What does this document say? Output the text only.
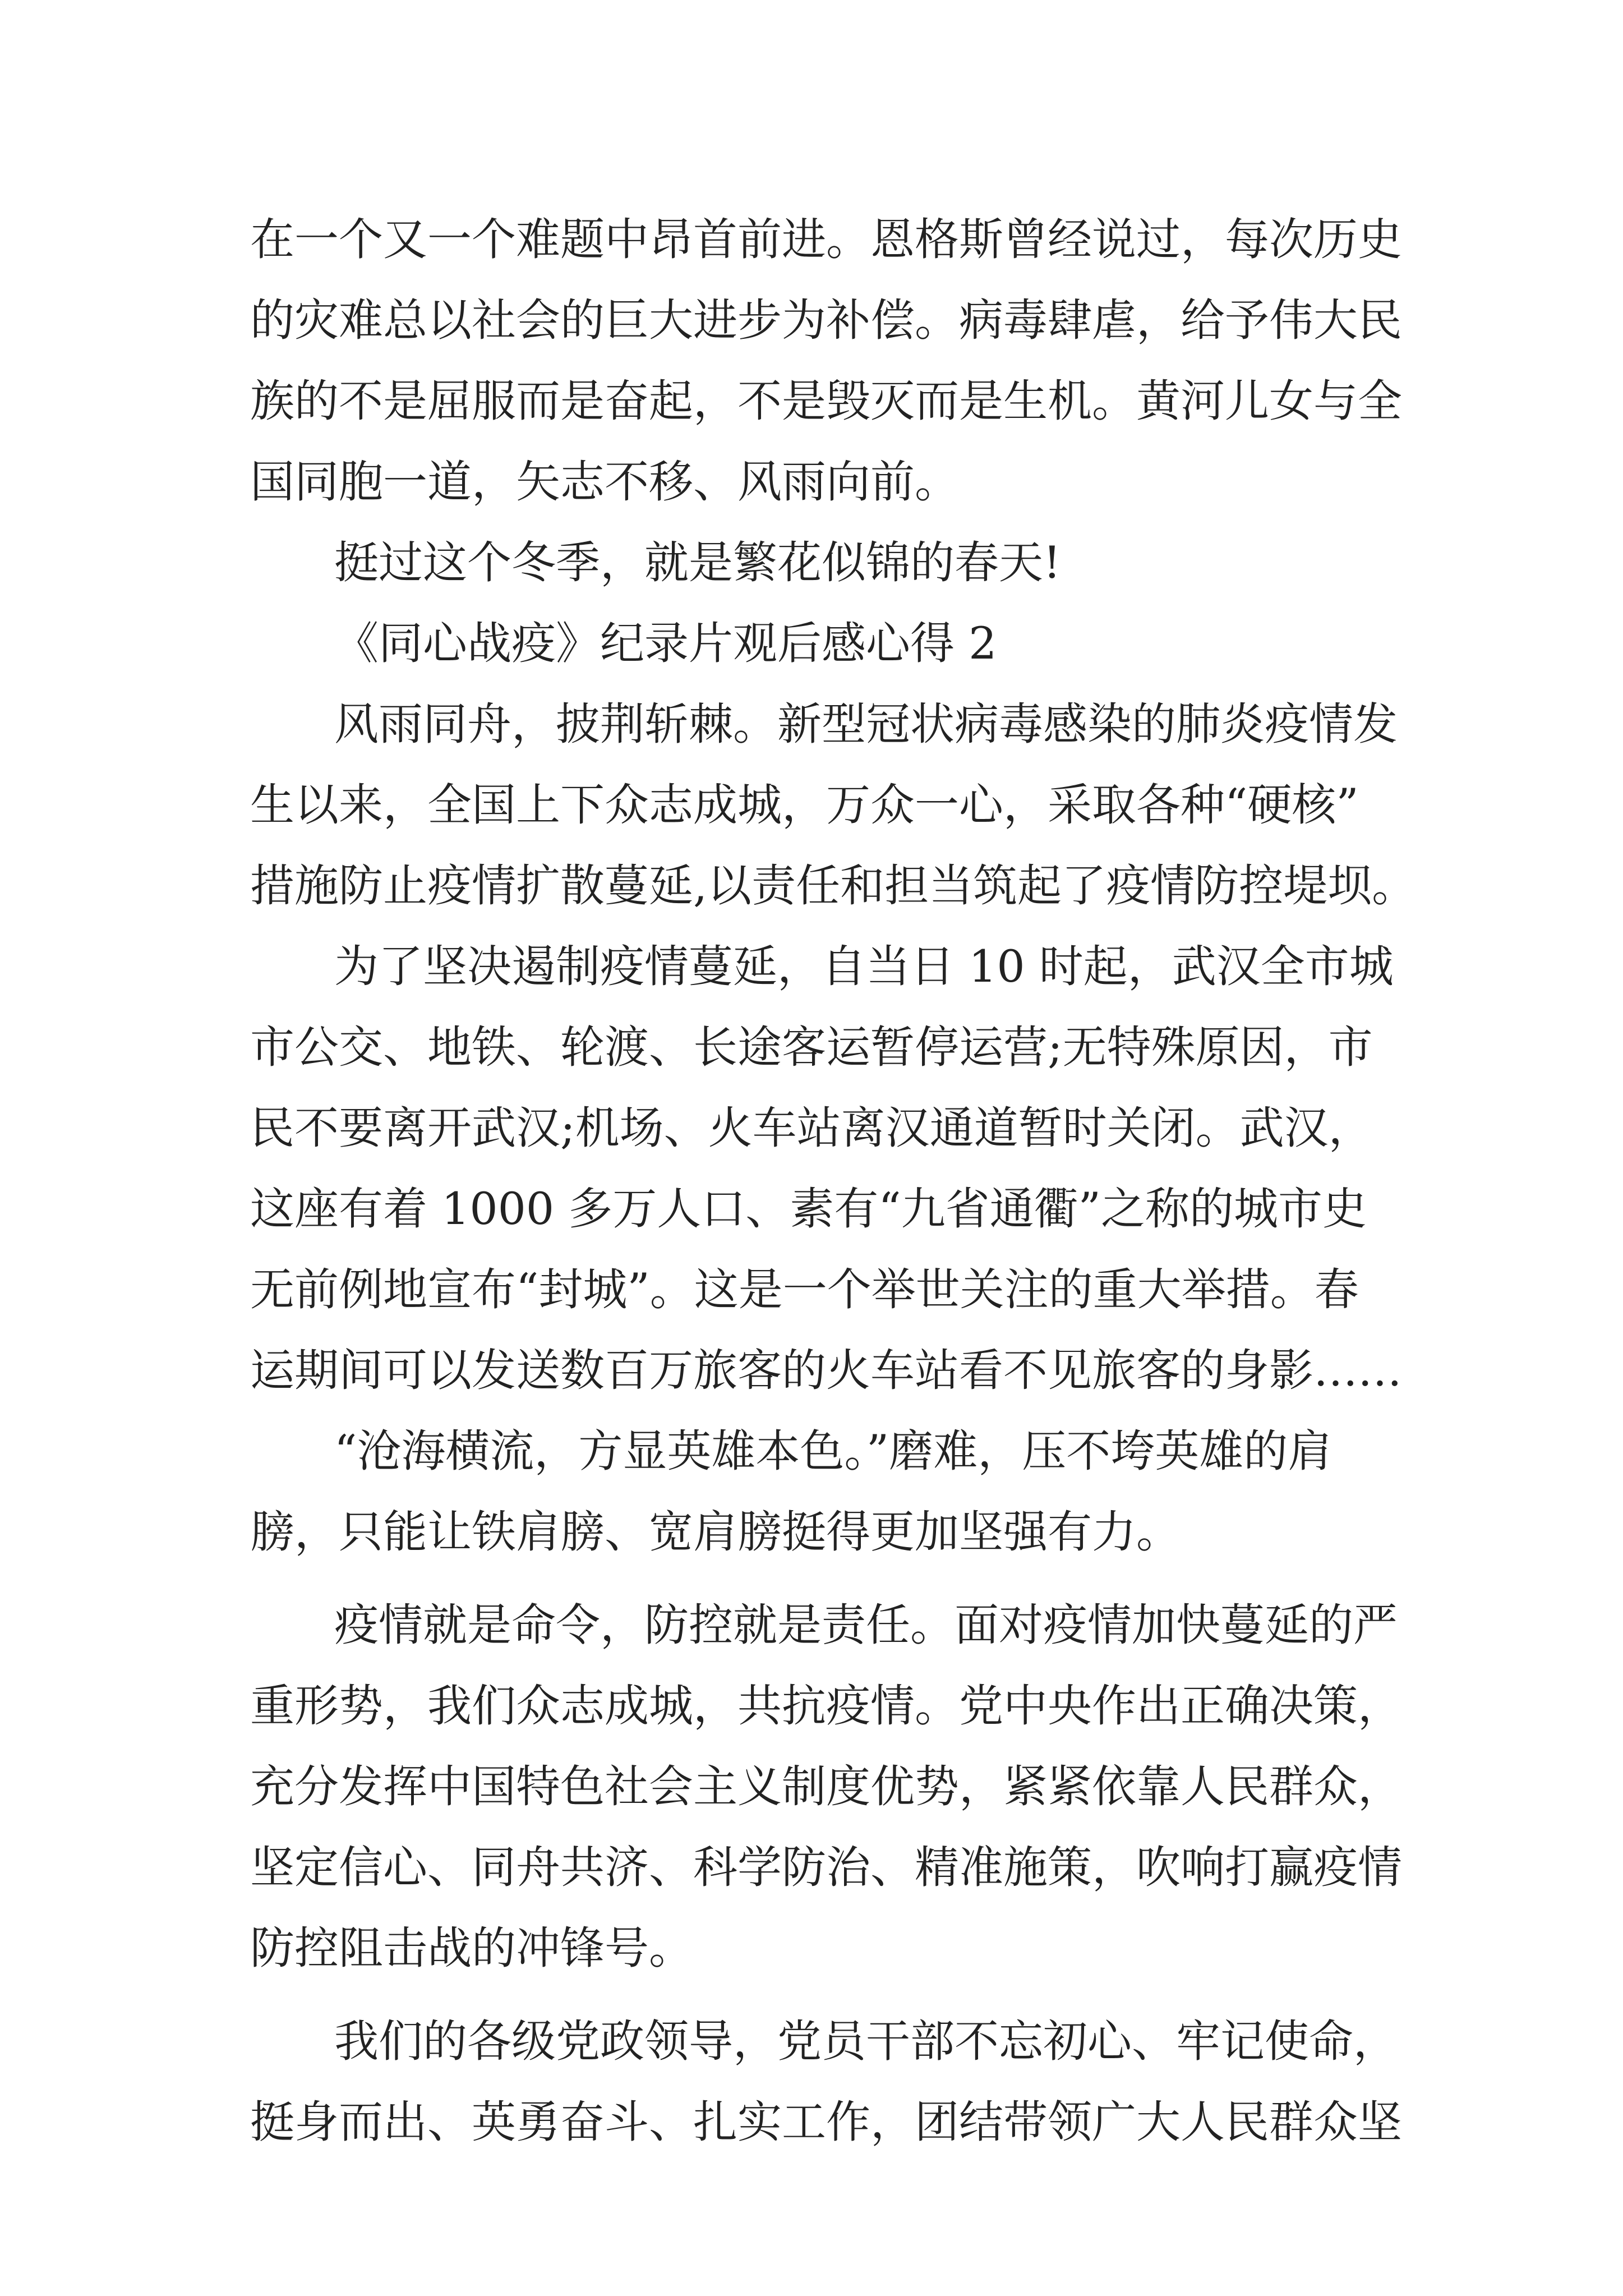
在一个又一个难题中昂首前进。恩格斯曾经说过，每次历史
的灾难总以社会的巨大进步为补偿。病毒肆虐，给予伟大民
族的不是屈服而是奋起，不是毁灭而是生机。黄河儿女与全
国同胞一道，矢志不移、风雨向前。
挺过这个冬季，就是繁花似锦的春天!
《同心战疫》纪录片观后感心得 2
风雨同舟，披荆斩棘。新型冠状病毒感染的肺炎疫情发
生以来，全国上下众志成城，万众一心，采取各种“硬核”
措施防止疫情扩散蔓延,以责任和担当筑起了疫情防控堤坝。
为了坚决遏制疫情蔓延，自当日 10 时起，武汉全市城
市公交、地铁、轮渡、长途客运暂停运营;无特殊原因，市
民不要离开武汉;机场、火车站离汉通道暂时关闭。武汉，
这座有着 1000 多万人口、素有“九省通衢”之称的城市史
无前例地宣布“封城”。这是一个举世关注的重大举措。春
运期间可以发送数百万旅客的火车站看不见旅客的身影……
“沧海横流，方显英雄本色。”磨难，压不垮英雄的肩
膀，只能让铁肩膀、宽肩膀挺得更加坚强有力。
疫情就是命令，防控就是责任。面对疫情加快蔓延的严
重形势，我们众志成城，共抗疫情。党中央作出正确决策，
充分发挥中国特色社会主义制度优势，紧紧依靠人民群众，
坚定信心、同舟共济、科学防治、精准施策，吹响打赢疫情
防控阻击战的冲锋号。
我们的各级党政领导，党员干部不忘初心、牢记使命，
挺身而出、英勇奋斗、扎实工作，团结带领广大人民群众坚
